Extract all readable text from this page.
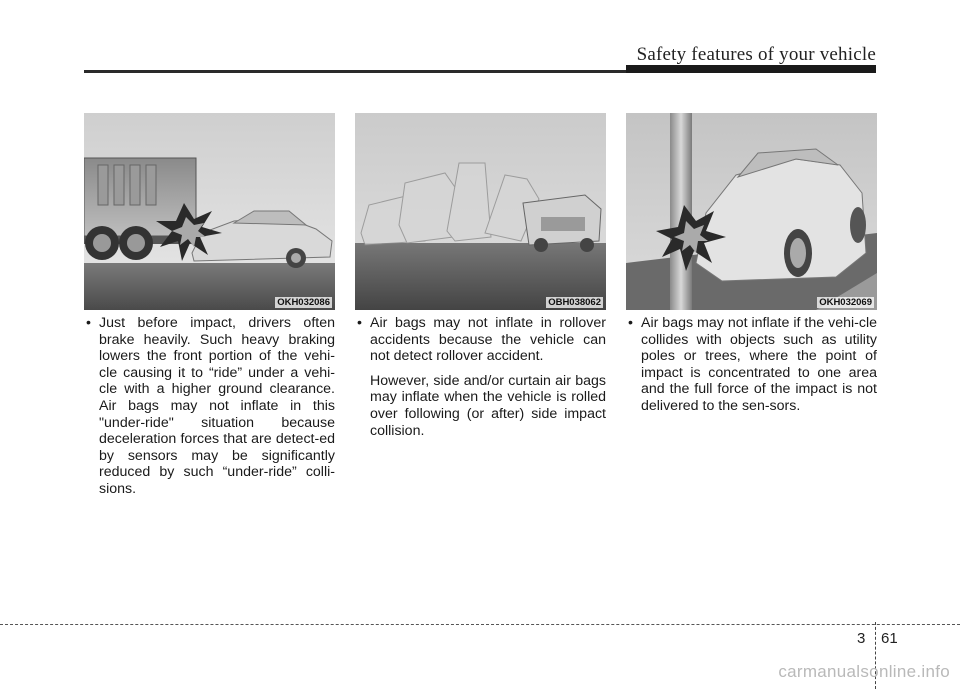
Safety features of your vehicle
OKH032086	OBH038062	OKH032069

• Just before impact, drivers often brake heavily. Such heavy braking lowers the front portion of the vehi-cle causing it to “ride” under a vehi-cle with a higher ground clearance. Air bags may not inflate in this "under-ride" situation because deceleration forces that are detect-ed by sensors may be significantly reduced by such “under-ride” colli-sions.

• Air bags may not inflate in rollover accidents because the vehicle can not detect rollover accident.

However, side and/or curtain air bags may inflate when the vehicle is rolled over following (or after) side impact collision.

• Air bags may not inflate if the vehi-cle collides with objects such as utility poles or trees, where the point of impact is concentrated to one area and the full force of the impact is not delivered to the sen-sors.

3 61
carmanualsonline.info
